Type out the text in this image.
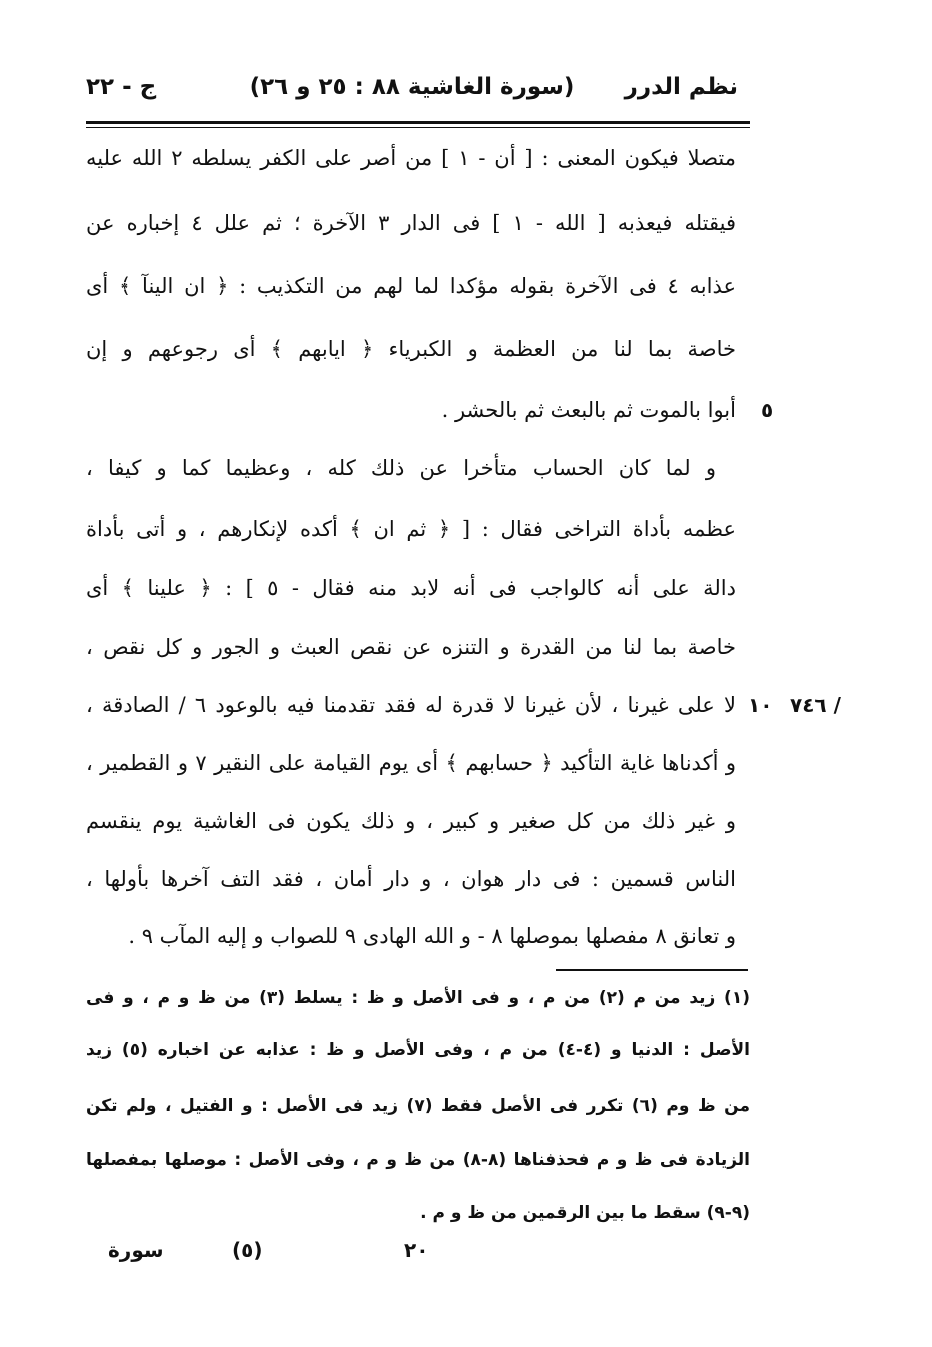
نظم الدرر
(سورة الغاشية ٨٨ : ٢٥ و ٢٦)
ج - ٢٢
متصلا فيكون المعنى : [ أن - ١ ] من أصر على الكفر يسلطه ٢ الله عليه
فيقتله فيعذبه [ الله - ١ ] فى الدار ٣ الآخرة ؛ ثم علل ٤ إخباره عن
عذابه ٤ فى الآخرة بقوله مؤكدا لما لهم من التكذيب : ﴿ ان الينآ ﴾ أى
خاصة بما لنا من العظمة و الكبرياء ﴿ ايابهم ﴾ أى رجوعهم و إن
أبوا بالموت ثم بالبعث ثم بالحشر .
و لما كان الحساب متأخرا عن ذلك كله ، وعظيما كما و كيفا ،
عظمه بأداة التراخى فقال : [ ﴿ ثم ان ﴾ أكده لإنكارهم ، و أتى بأداة
دالة على أنه كالواجب فى أنه لابد منه فقال - ٥ ] : ﴿ علينا ﴾ أى
خاصة بما لنا من القدرة و التنزه عن نقص العبث و الجور و كل نقص ،
لا على غيرنا ، لأن غيرنا لا قدرة له فقد تقدمنا فيه بالوعود ٦ / الصادقة ،
و أكدناها غاية التأكيد ﴿ حسابهم ﴾ أى يوم القيامة على النقير ٧ و القطمير ،
و غير ذلك من كل صغير و كبير ، و ذلك يكون فى الغاشية يوم ينقسم
الناس قسمين : فى دار هوان ، و دار أمان ، فقد التف آخرها بأولها ،
و تعانق ٨ مفصلها بموصلها ٨ - و الله الهادى ٩ للصواب و إليه المآب ٩ .
٥
١٠ ٧٤٦ /
(١) زيد من م (٢) من م ، و فى الأصل و ظ : يسلط (٣) من ظ و م ، و فى
الأصل : الدنيا و (٤-٤) من م ، وفى الأصل و ظ : عذابه عن اخباره (٥) زيد
من ظ وم (٦) تكرر فى الأصل فقط (٧) زيد فى الأصل : و الفتيل ، ولم تكن
الزيادة فى ظ و م فحذفناها (٨-٨) من ظ و م ، وفى الأصل : موصلها بمفصلها
(٩-٩) سقط ما بين الرقمين من ظ و م .
٢٠
(٥)
سورة
